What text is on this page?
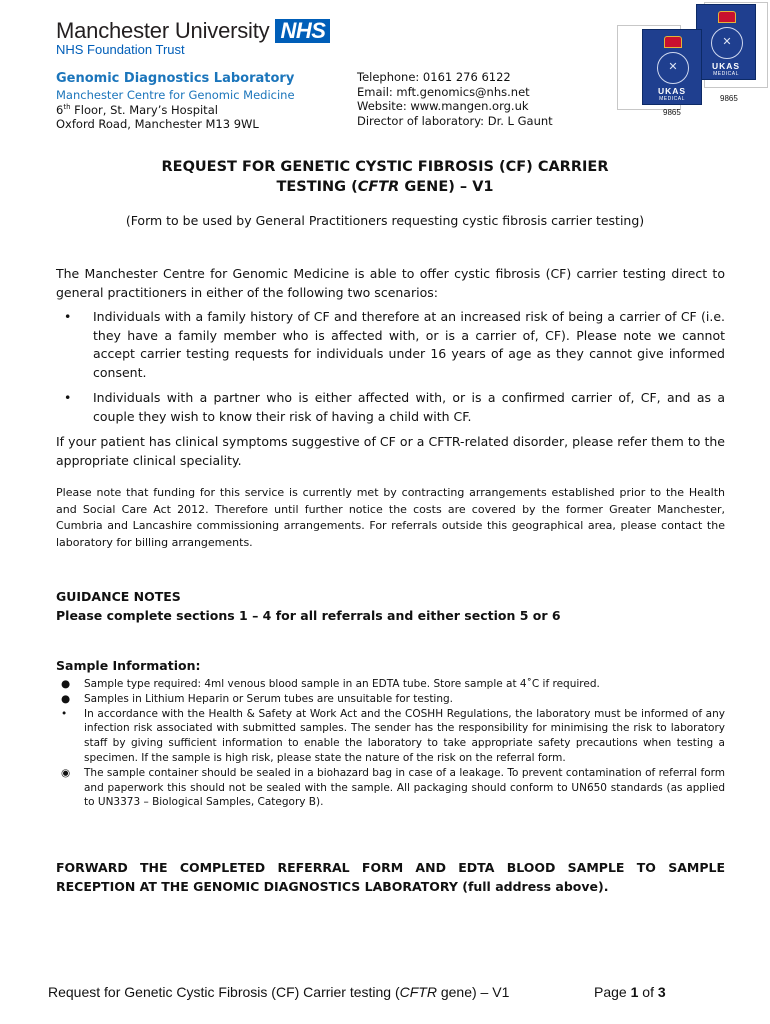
Manchester University NHS
NHS Foundation Trust
Genomic Diagnostics Laboratory
Manchester Centre for Genomic Medicine
6th Floor, St. Mary’s Hospital
Oxford Road, Manchester M13 9WL
Telephone: 0161 276 6122
Email: mft.genomics@nhs.net
Website: www.mangen.org.uk
Director of laboratory: Dr. L Gaunt
✕
UKAS
MEDICAL
9865
✕
UKAS
MEDICAL
9865
REQUEST FOR GENETIC CYSTIC FIBROSIS (CF) CARRIER
TESTING (CFTR GENE) – V1
(Form to be used by General Practitioners requesting cystic fibrosis carrier testing)
The Manchester Centre for Genomic Medicine is able to offer cystic fibrosis (CF) carrier testing direct to general practitioners in either of the following two scenarios:
•	Individuals with a family history of CF and therefore at an increased risk of being a carrier of CF (i.e. they have a family member who is affected with, or is a carrier of, CF). Please note we cannot accept carrier testing requests for individuals under 16 years of age as they cannot give informed consent.
•	Individuals with a partner who is either affected with, or is a confirmed carrier of, CF, and as a couple they wish to know their risk of having a child with CF.
If your patient has clinical symptoms suggestive of CF or a CFTR-related disorder, please refer them to the appropriate clinical speciality.
Please note that funding for this service is currently met by contracting arrangements established prior to the Health and Social Care Act 2012. Therefore until further notice the costs are covered by the former Greater Manchester, Cumbria and Lancashire commissioning arrangements. For referrals outside this geographical area, please contact the laboratory for billing arrangements.
GUIDANCE NOTES
Please complete sections 1 – 4 for all referrals and either section 5 or 6
Sample Information:
●	Sample type required: 4ml venous blood sample in an EDTA tube. Store sample at 4˚C if required.
●	Samples in Lithium Heparin or Serum tubes are unsuitable for testing.
•	In accordance with the Health & Safety at Work Act and the COSHH Regulations, the laboratory must be informed of any infection risk associated with submitted samples. The sender has the responsibility for minimising the risk to laboratory staff by giving sufficient information to enable the laboratory to take appropriate safety precautions when testing a specimen. If the sample is high risk, please state the nature of the risk on the referral form.
◉	The sample container should be sealed in a biohazard bag in case of a leakage. To prevent contamination of referral form and paperwork this should not be sealed with the sample. All packaging should conform to UN650 standards (as applied to UN3373 – Biological Samples, Category B).
FORWARD THE COMPLETED REFERRAL FORM AND EDTA BLOOD SAMPLE TO SAMPLE RECEPTION AT THE GENOMIC DIAGNOSTICS LABORATORY (full address above).
Request for Genetic Cystic Fibrosis (CF) Carrier testing (CFTR gene) – V1	Page 1 of 3
